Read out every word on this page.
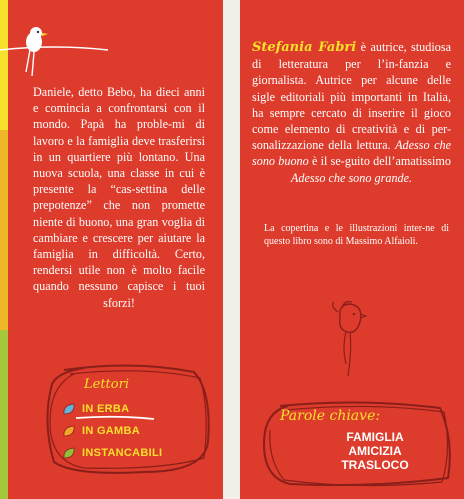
Daniele, detto Bebo, ha dieci anni e comincia a confrontarsi con il mondo. Papà ha proble-mi di lavoro e la famiglia deve trasferirsi in un quartiere più lontano. Una nuova scuola, una classe in cui è presente la “cas-settina delle prepotenze” che non promette niente di buono, una gran voglia di cambiare e crescere per aiutare la famiglia in difficoltà. Certo, rendersi utile non è molto facile quando nessuno capisce i tuoi sforzi!
Lettori
IN ERBA
IN GAMBA
INSTANCABILI
Stefania Fabri è autrice, studiosa di letteratura per l’in-fanzia e giornalista. Autrice per alcune delle sigle editoriali più importanti in Italia, ha sempre cercato di inserire il gioco come elemento di creatività e di per-sonalizzazione della lettura. Adesso che sono buono è il se-guito dell’amatissimo Adesso che sono grande.
La copertina e le illustrazioni inter-ne di questo libro sono di Massimo Alfaioli.
Parole chiave:
FAMIGLIA
AMICIZIA
TRASLOCO
